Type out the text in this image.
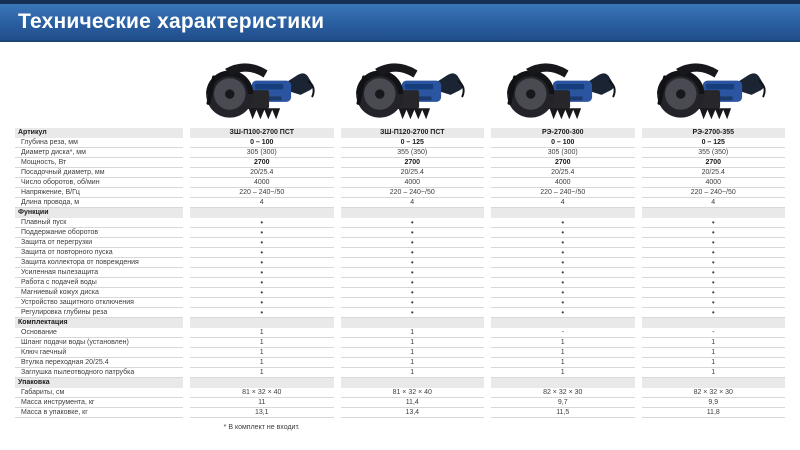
Технические характеристики
Артикул	ЗШ-П100-2700 ПСТ	ЗШ-П120-2700 ПСТ	РЭ-2700-300	РЭ-2700-355
Глубина реза, мм	0 – 100	0 – 125	0 – 100	0 – 125
Диаметр диска*, мм	305 (300)	355 (350)	305 (300)	355 (350)
Мощность, Вт	2700	2700	2700	2700
Посадочный диаметр, мм	20/25.4	20/25.4	20/25.4	20/25.4
Число оборотов, об/мин	4000	4000	4000	4000
Напряжение, В/Гц	220 – 240~/50	220 – 240~/50	220 – 240~/50	220 – 240~/50
Длина провода, м	4	4	4	4
Функции
Плавный пуск	•	•	•	•
Поддержание оборотов	•	•	•	•
Защита от перегрузки	•	•	•	•
Защита от повторного пуска	•	•	•	•
Защита коллектора от повреждения	•	•	•	•
Усиленная пылезащита	•	•	•	•
Работа с подачей воды	•	•	•	•
Магниевый кожух диска	•	•	•	•
Устройство защитного отключения	•	•	•	•
Регулировка глубины реза	•	•	•	•
Комплектация
Основание	1	1	-	-
Шланг подачи воды (установлен)	1	1	1	1
Ключ гаечный	1	1	1	1
Втулка переходная 20/25.4	1	1	1	1
Заглушка пылеотводного патрубка	1	1	1	1
Упаковка
Габариты, см	81 × 32 × 40	81 × 32 × 40	82 × 32 × 30	82 × 32 × 30
Масса инструмента, кг	11	11,4	9,7	9,9
Масса в упаковке, кг	13,1	13,4	11,5	11,8
* В комплект не входит.
